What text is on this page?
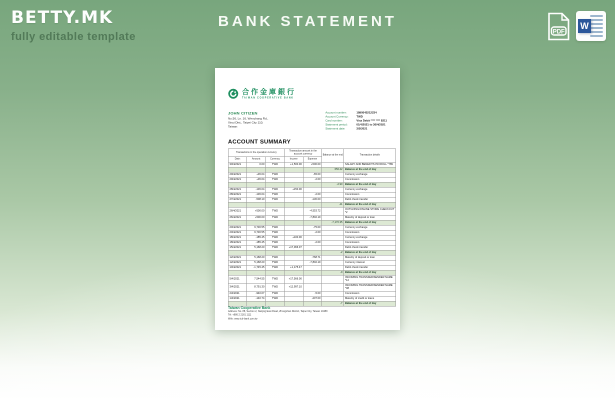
BETTY.MK
fully editable template
BANK STATEMENT
PDF
W
合作金庫銀行
TAIWAN COOPERATIVE BANK
JOHN CITIZEN
No.56, Ln. 16, Wenchang Rd.,
Xinyi Dist., Taipei City 110,
Taiwan
Account number:	1890045212234
Account Currency:	TWD
Card number:	Visa Debit **** **** 8211
Statement period:	01/4/2021 to 30/4/2021
Statement date:	3/5/2021
ACCOUNT SUMMARY
Transactions in the operation currency			Transaction amount in the account currency		Balance at the end	Transaction details
Date:	Amount:	Currency	Income	Expense		
30/4/2021	0.00	TWD	+1,500.00	+500.00		SALARY AND BENEFITS PAYROLL *789
					656.42	Balance at the end of day
29/4/2021	+36.04	TWD		-65.00		Currency exchange
29/4/2021	+36.04	TWD		-2.00		Commission
					-2.90	Balance at the end of day
28/4/2021	-136.04	TWD	+150.00			Currency exchange
28/4/2021	-136.04	TWD		-2.00		Commission
27/4/2021	-508.10	TWD		-130.00		Debit check transfer
					-11	Balance at the end of day
26/4/2021	+500.00	TWD		-4,553.72		OUTGOING/ONLINE STORE CHECKOUT *2
26/4/2021	+500.00	TWD		-7,802.19		Maturity of deposit or loan
					-7,170.35	Balance at the end of day
20/4/2021	9,730.55	TWD		-75.00		Currency exchange
20/4/2021	9,730.55	TWD		-2.00		Commission
18/4/2021	-185.45	TWD	+100.00			Currency exchange
18/4/2021	-185.45	TWD		-2.00		Commission
15/4/2021	5,168.20	TWD	+17,066.07			Debit check transfer
					-2	Balance at the end of day
12/4/2021	5,168.20	TWD		-768.71		Maturity of deposit or loan
12/4/2021	5,168.20	TWD		-7,802.19		Currency interest
10/4/2021	-1,745.45	TWD	+1,175.47			Debit check transfer
					-9	Balance at the end of day
5/4/2021	7,544.55	TWD	+17,566.00			INCOMING TRANSFER/SENDER NAME *12
3/4/2021	8,791.30	TWD	+12,997.10			INCOMING TRANSFER/SENDER NAME *08
2/4/2021	-940.07	TWD		-5.00		Commission
1/4/2021	-140.74	TWD		-407.00		Maturity of credit or loans
					-7	Balance at the end of day
Taiwan Cooperative Bank
Address: No. 88, Section 2, Nanjing East Road, Zhongshan District, Taipei City, Taiwan 10489
Tel: +886 2 2181 1111
Web: www.tcb-bank.com.tw
